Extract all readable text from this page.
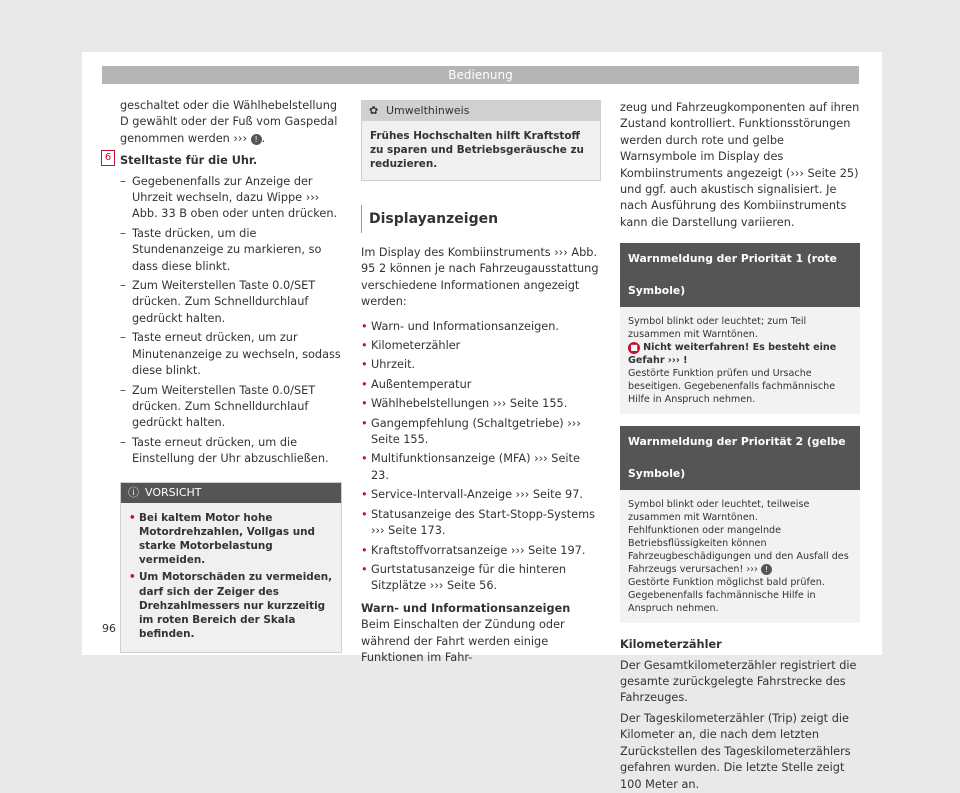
Bedienung
6

geschaltet oder die Wählhebelstellung D gewählt oder der Fuß vom Gaspedal genommen werden ››› ! .

Stelltaste für die Uhr.

– Gegebenenfalls zur Anzeige der Uhrzeit wechseln, dazu Wippe ››› Abb. 33 B oben oder unten drücken.
– Taste drücken, um die Stundenanzeige zu markieren, so dass diese blinkt.
– Zum Weiterstellen Taste 0.0/SET drücken. Zum Schnelldurchlauf gedrückt halten.
– Taste erneut drücken, um zur Minutenanzeige zu wechseln, sodass diese blinkt.
– Zum Weiterstellen Taste 0.0/SET drücken. Zum Schnelldurchlauf gedrückt halten.
– Taste erneut drücken, um die Einstellung der Uhr abzuschließen.
ⓘ VORSICHT
• Bei kaltem Motor hohe Motordrehzahlen, Vollgas und starke Motorbelastung vermeiden.
• Um Motorschäden zu vermeiden, darf sich der Zeiger des Drehzahlmessers nur kurzzeitig im roten Bereich der Skala befinden.
✿ Umwelthinweis
Frühes Hochschalten hilft Kraftstoff zu sparen und Betriebsgeräusche zu reduzieren.
Displayanzeigen

Im Display des Kombiinstruments ››› Abb. 95 2 können je nach Fahrzeugausstattung verschiedene Informationen angezeigt werden:

• Warn- und Informationsanzeigen.
• Kilometerzähler
• Uhrzeit.
• Außentemperatur
• Wählhebelstellungen ››› Seite 155.
• Gangempfehlung (Schaltgetriebe) ››› Seite 155.
• Multifunktionsanzeige (MFA) ››› Seite 23.
• Service-Intervall-Anzeige ››› Seite 97.
• Statusanzeige des Start-Stopp-Systems ››› Seite 173.
• Kraftstoffvorratsanzeige ››› Seite 197.
• Gurtstatusanzeige für die hinteren Sitzplätze ››› Seite 56.

Warn- und Informationsanzeigen

Beim Einschalten der Zündung oder während der Fahrt werden einige Funktionen im Fahr-

zeug und Fahrzeugkomponenten auf ihren Zustand kontrolliert. Funktionsstörungen werden durch rote und gelbe Warnsymbole im Display des Kombiinstruments angezeigt (››› Seite 25) und ggf. auch akustisch signalisiert. Je nach Ausführung des Kombiinstruments kann die Darstellung variieren.

Warnmeldung der Priorität 1 (rote Symbole)

Symbol blinkt oder leuchtet; zum Teil zusammen mit Warntönen.

■ Nicht weiterfahren! Es besteht eine Gefahr ››› !

Gestörte Funktion prüfen und Ursache beseitigen. Gegebenenfalls fachmännische Hilfe in Anspruch nehmen.

Warnmeldung der Priorität 2 (gelbe Symbole)

Symbol blinkt oder leuchtet, teilweise zusammen mit Warntönen.

Fehlfunktionen oder mangelnde Betriebsflüssigkeiten können Fahrzeugbeschädigungen und den Ausfall des Fahrzeugs verursachen! ››› !

Gestörte Funktion möglichst bald prüfen. Gegebenenfalls fachmännische Hilfe in Anspruch nehmen.

Kilometerzähler

Der Gesamtkilometerzähler registriert die gesamte zurückgelegte Fahrstrecke des Fahrzeuges.

Der Tageskilometerzähler (Trip) zeigt die Kilometer an, die nach dem letzten Zurückstellen des Tageskilometerzählers gefahren wurden. Die letzte Stelle zeigt 100 Meter an.

96
